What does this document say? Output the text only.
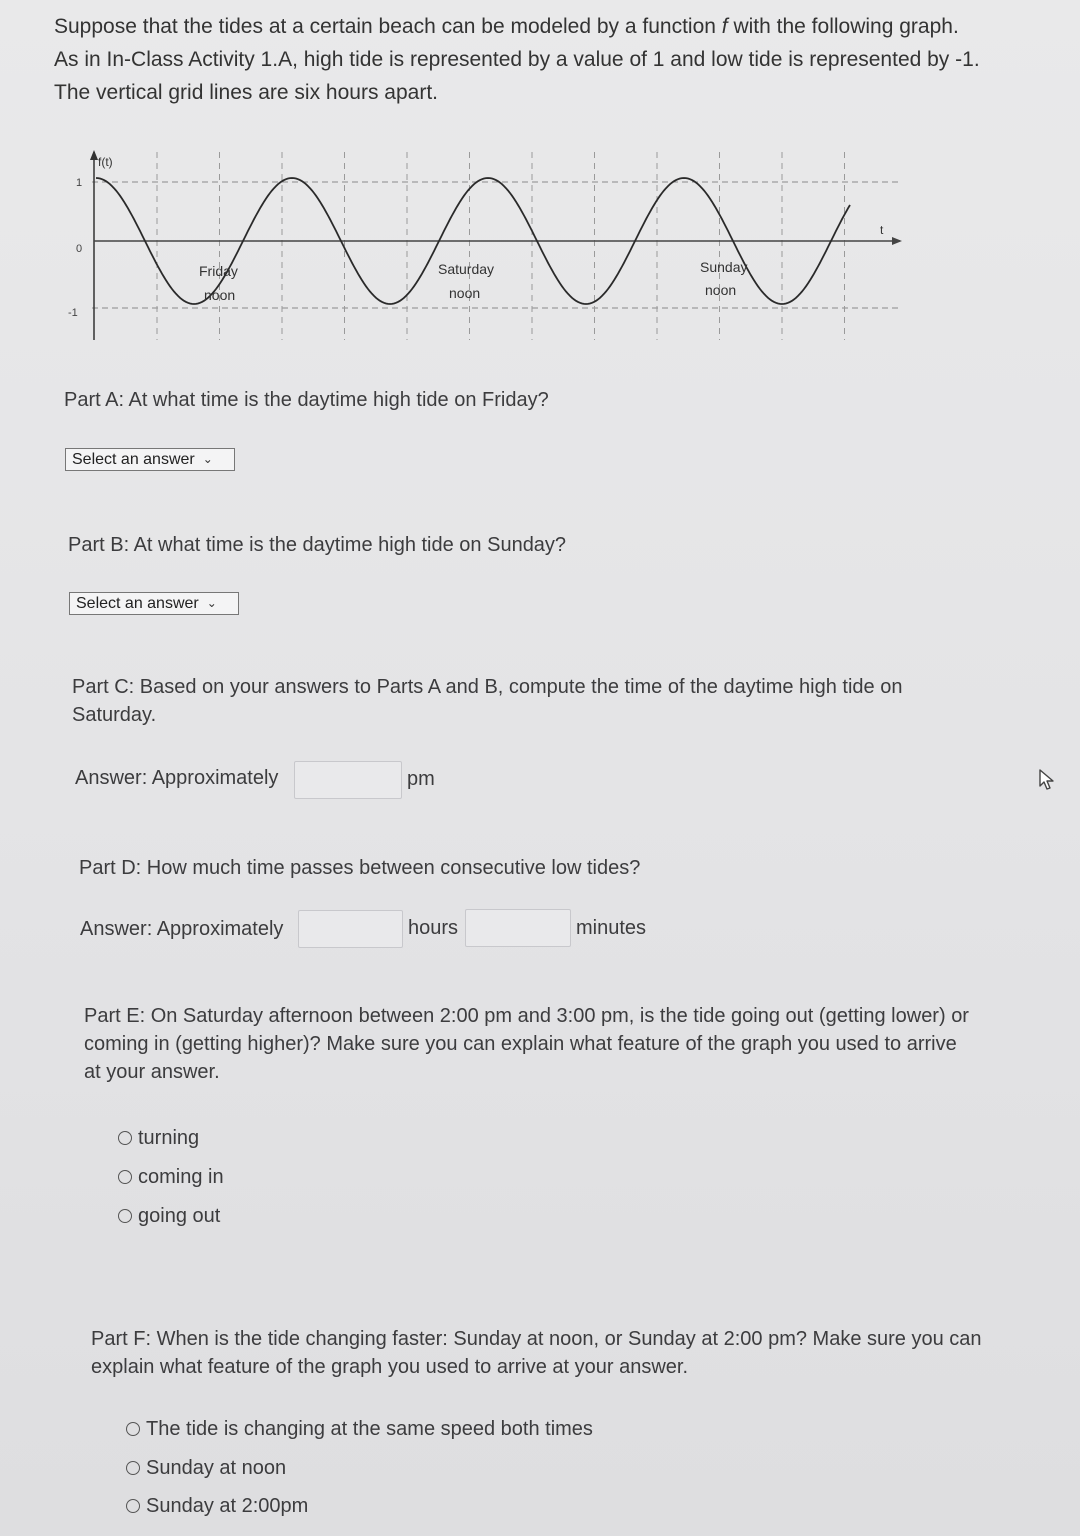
Suppose that the tides at a certain beach can be modeled by a function f with the following graph.

As in In-Class Activity 1.A, high tide is represented by a value of 1 and low tide is represented by -1.

The vertical grid lines are six hours apart.

1
0
-1
f(t)
t
Friday
noon
Saturday
noon
Sunday
noon
Part A: At what time is the daytime high tide on Friday?
Select an answer ⌄
Part B: At what time is the daytime high tide on Sunday?
Select an answer ⌄
Part C: Based on your answers to Parts A and B, compute the time of the daytime high tide on
Saturday.
Answer: Approximately	pm
Part D: How much time passes between consecutive low tides?
Answer: Approximately	hours	minutes
Part E: On Saturday afternoon between 2:00 pm and 3:00 pm, is the tide going out (getting lower) or
coming in (getting higher)? Make sure you can explain what feature of the graph you used to arrive
at your answer.
turning
coming in
going out
Part F: When is the tide changing faster: Sunday at noon, or Sunday at 2:00 pm? Make sure you can
explain what feature of the graph you used to arrive at your answer.
The tide is changing at the same speed both times
Sunday at noon
Sunday at 2:00pm
